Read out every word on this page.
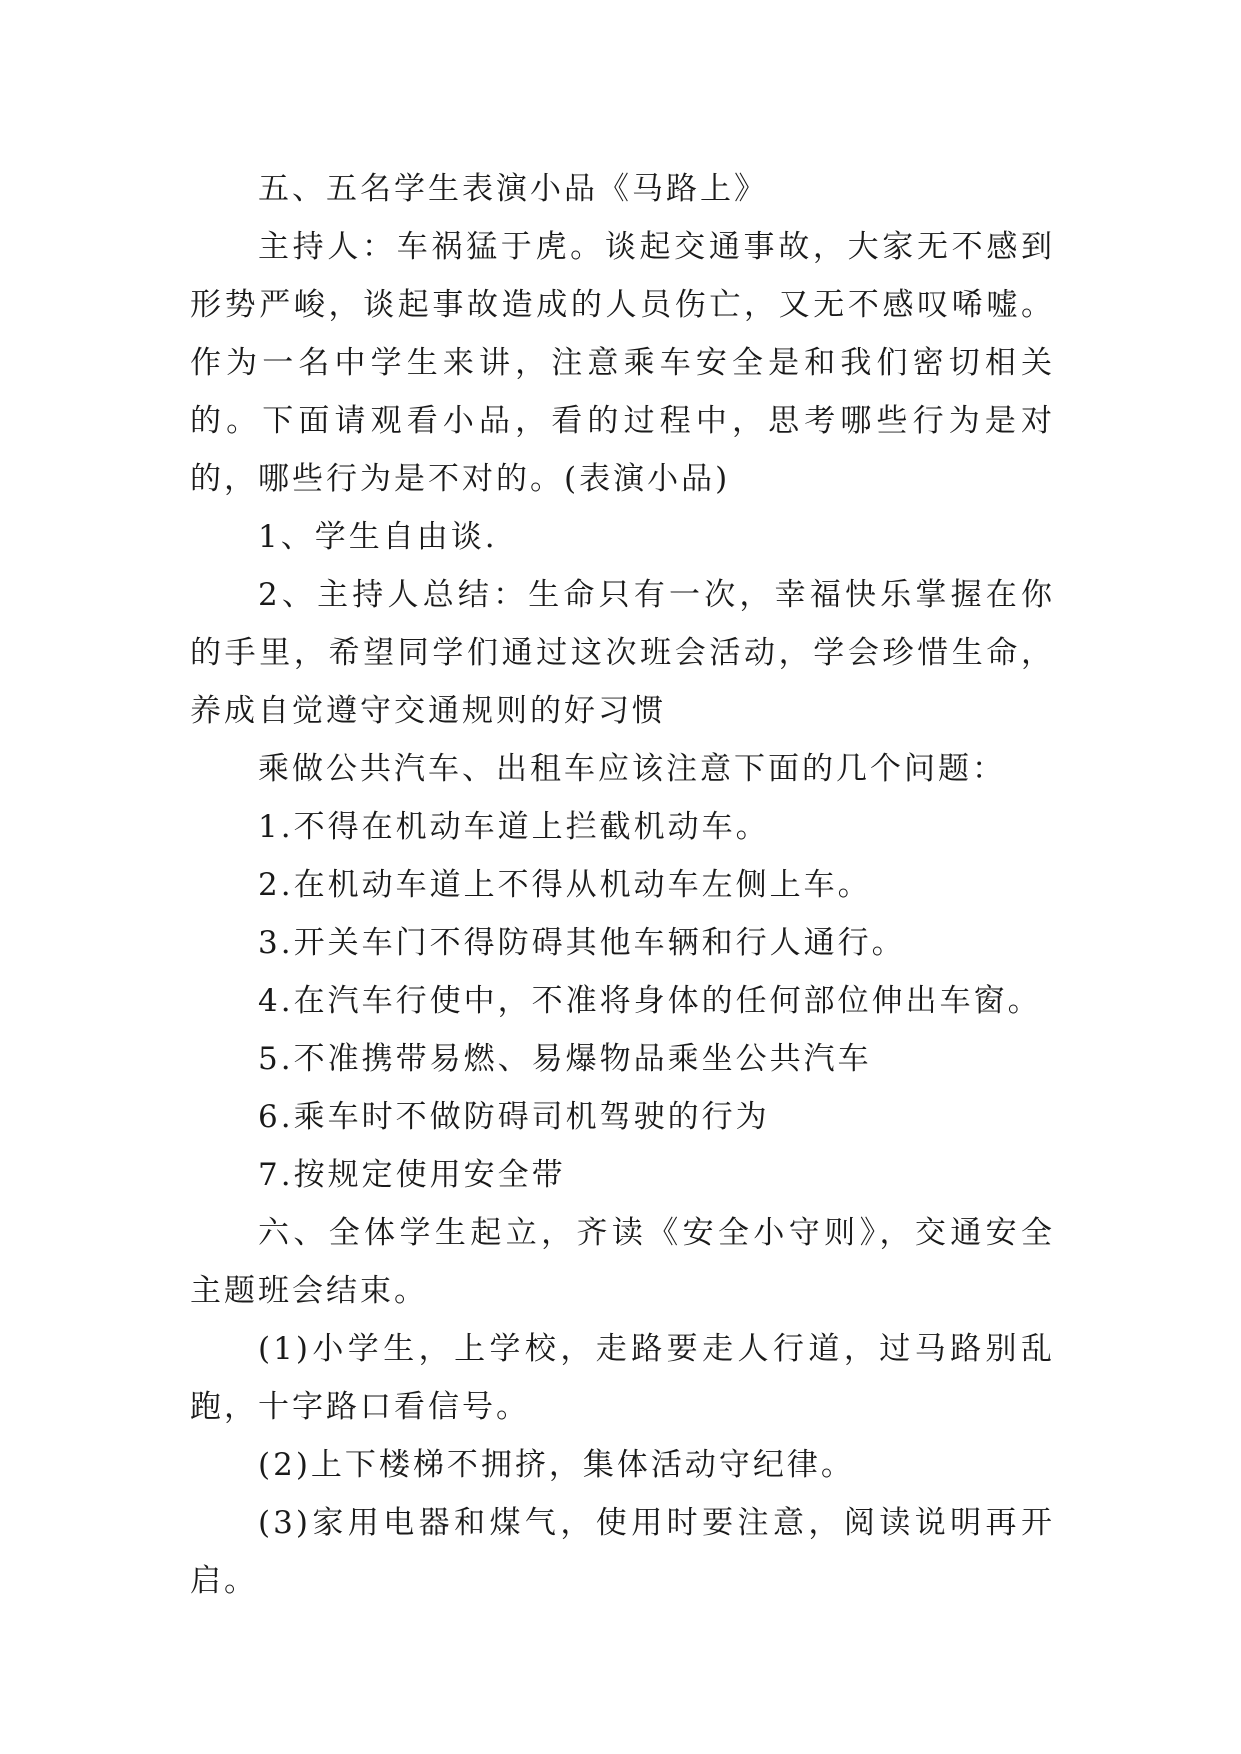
五、五名学生表演小品《马路上》

主持人：车祸猛于虎。谈起交通事故，大家无不感到形势严峻，谈起事故造成的人员伤亡，又无不感叹唏嘘。作为一名中学生来讲，注意乘车安全是和我们密切相关的。下面请观看小品，看的过程中，思考哪些行为是对的，哪些行为是不对的。(表演小品)

1、学生自由谈.

2、主持人总结：生命只有一次，幸福快乐掌握在你的手里，希望同学们通过这次班会活动，学会珍惜生命，养成自觉遵守交通规则的好习惯

乘做公共汽车、出租车应该注意下面的几个问题：

1.不得在机动车道上拦截机动车。

2.在机动车道上不得从机动车左侧上车。

3.开关车门不得防碍其他车辆和行人通行。

4.在汽车行使中，不准将身体的任何部位伸出车窗。

5.不准携带易燃、易爆物品乘坐公共汽车

6.乘车时不做防碍司机驾驶的行为

7.按规定使用安全带

六、全体学生起立，齐读《安全小守则》，交通安全主题班会结束。

(1)小学生，上学校，走路要走人行道，过马路别乱跑，十字路口看信号。

(2)上下楼梯不拥挤，集体活动守纪律。

(3)家用电器和煤气，使用时要注意，阅读说明再开启。
